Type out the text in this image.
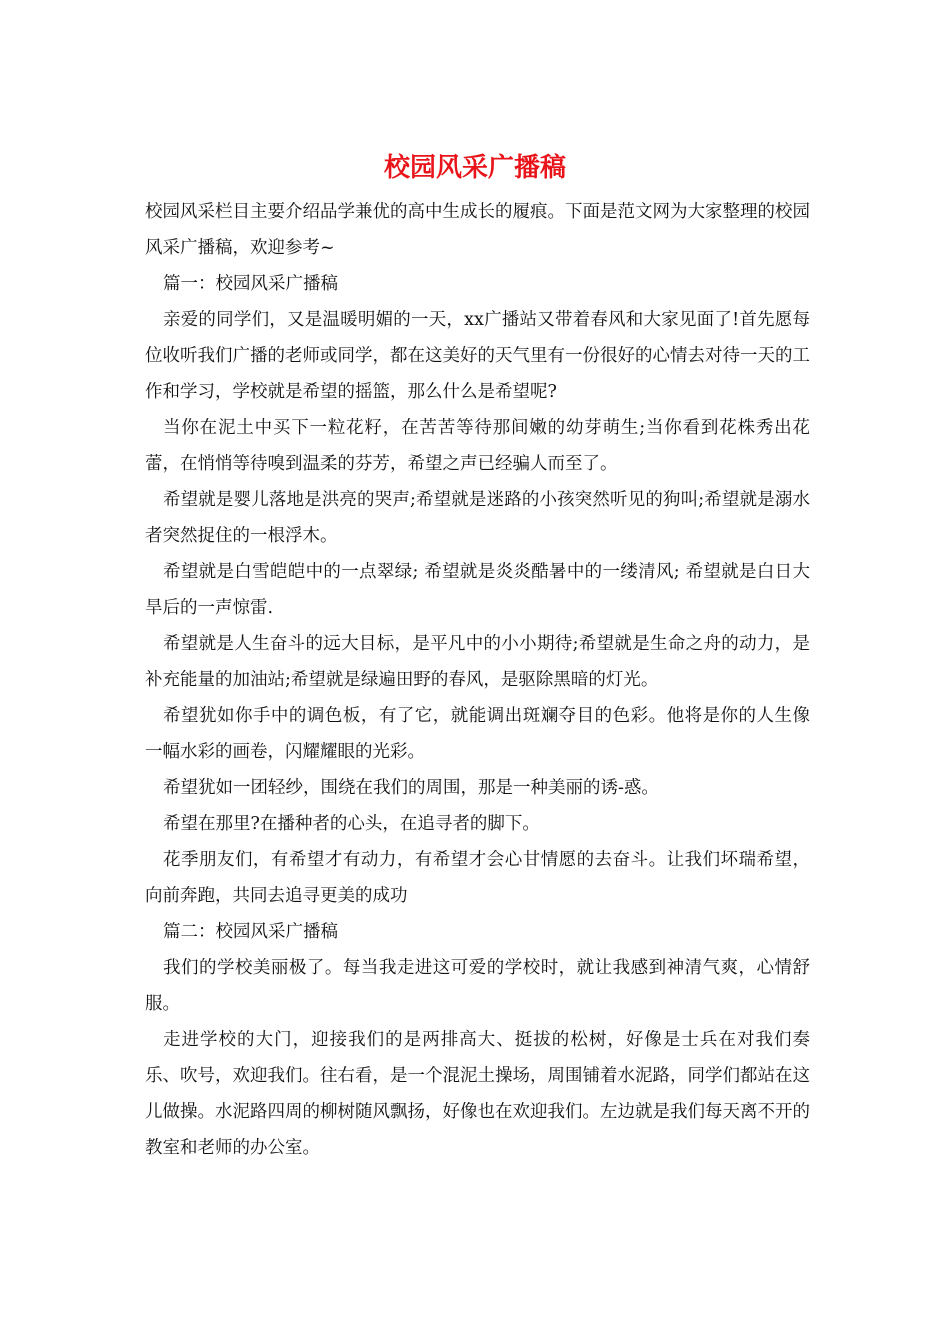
校园风采广播稿

校园风采栏目主要介绍品学兼优的高中生成长的履痕。下面是范文网为大家整理的校园风采广播稿，欢迎参考~

篇一：校园风采广播稿

亲爱的同学们，又是温暖明媚的一天，xx广播站又带着春风和大家见面了!首先愿每位收听我们广播的老师或同学，都在这美好的天气里有一份很好的心情去对待一天的工作和学习，学校就是希望的摇篮，那么什么是希望呢?

当你在泥土中买下一粒花籽，在苦苦等待那间嫩的幼芽萌生;当你看到花株秀出花蕾，在悄悄等待嗅到温柔的芬芳，希望之声已经骗人而至了。

希望就是婴儿落地是洪亮的哭声;希望就是迷路的小孩突然听见的狗叫;希望就是溺水者突然捉住的一根浮木。

希望就是白雪皑皑中的一点翠绿; 希望就是炎炎酷暑中的一缕清风; 希望就是白日大旱后的一声惊雷.

希望就是人生奋斗的远大目标，是平凡中的小小期待;希望就是生命之舟的动力，是补充能量的加油站;希望就是绿遍田野的春风，是驱除黑暗的灯光。

希望犹如你手中的调色板，有了它，就能调出斑斓夺目的色彩。他将是你的人生像一幅水彩的画卷，闪耀耀眼的光彩。

希望犹如一团轻纱，围绕在我们的周围，那是一种美丽的诱-惑。

希望在那里?在播种者的心头，在追寻者的脚下。

花季朋友们，有希望才有动力，有希望才会心甘情愿的去奋斗。让我们坏瑞希望，向前奔跑，共同去追寻更美的成功

篇二：校园风采广播稿

我们的学校美丽极了。每当我走进这可爱的学校时，就让我感到神清气爽，心情舒服。

走进学校的大门，迎接我们的是两排高大、挺拔的松树，好像是士兵在对我们奏乐、吹号，欢迎我们。往右看，是一个混泥土操场，周围铺着水泥路，同学们都站在这儿做操。水泥路四周的柳树随风飘扬，好像也在欢迎我们。左边就是我们每天离不开的教室和老师的办公室。
